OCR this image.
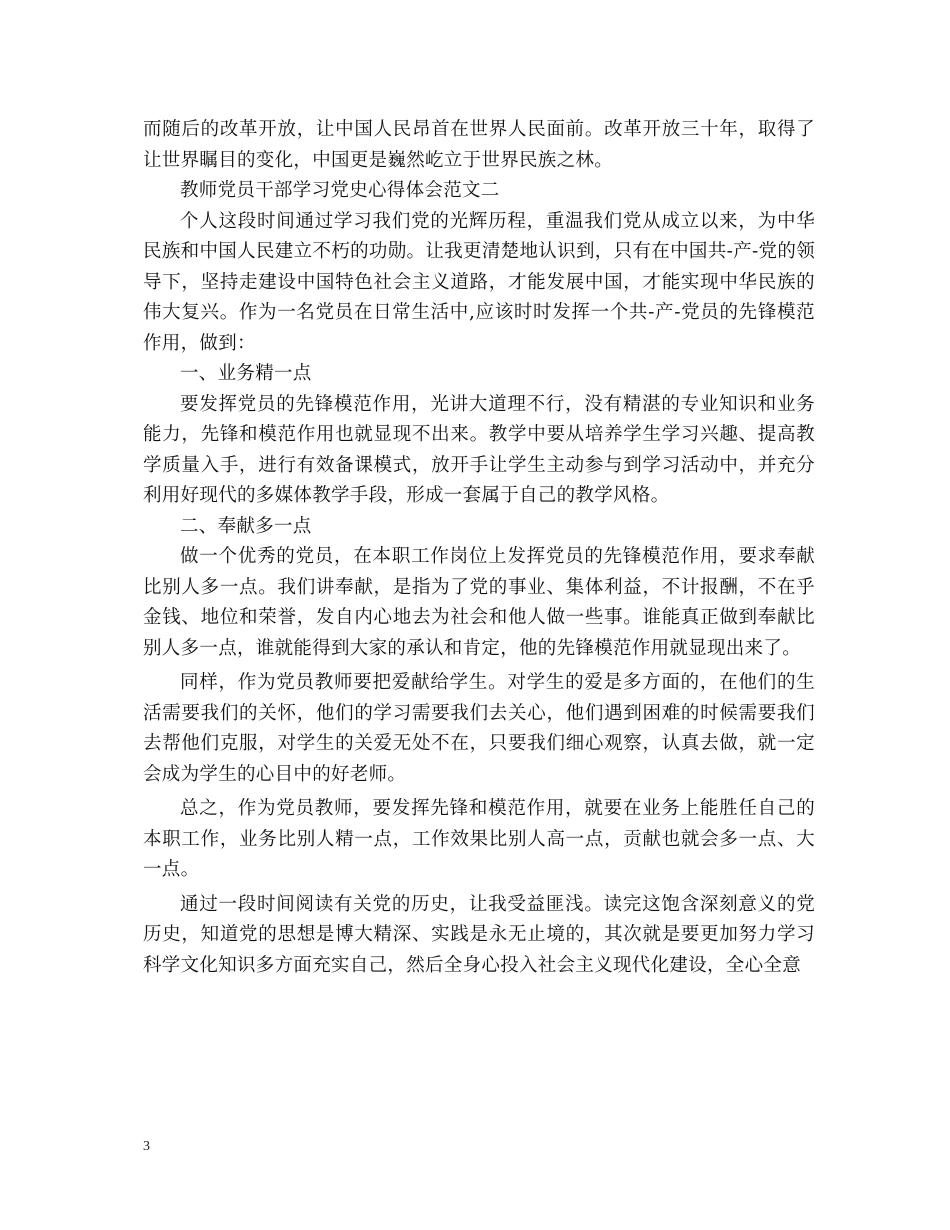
而随后的改革开放，让中国人民昂首在世界人民面前。改革开放三十年，取得了让世界瞩目的变化，中国更是巍然屹立于世界民族之林。

教师党员干部学习党史心得体会范文二

个人这段时间通过学习我们党的光辉历程，重温我们党从成立以来，为中华民族和中国人民建立不朽的功勋。让我更清楚地认识到，只有在中国共-产-党的领导下，坚持走建设中国特色社会主义道路，才能发展中国，才能实现中华民族的伟大复兴。作为一名党员在日常生活中,应该时时发挥一个共-产-党员的先锋模范作用，做到：

一、业务精一点

要发挥党员的先锋模范作用，光讲大道理不行，没有精湛的专业知识和业务能力，先锋和模范作用也就显现不出来。教学中要从培养学生学习兴趣、提高教学质量入手，进行有效备课模式，放开手让学生主动参与到学习活动中，并充分利用好现代的多媒体教学手段，形成一套属于自己的教学风格。

二、奉献多一点

做一个优秀的党员，在本职工作岗位上发挥党员的先锋模范作用，要求奉献比别人多一点。我们讲奉献，是指为了党的事业、集体利益，不计报酬，不在乎金钱、地位和荣誉，发自内心地去为社会和他人做一些事。谁能真正做到奉献比别人多一点，谁就能得到大家的承认和肯定，他的先锋模范作用就显现出来了。

同样，作为党员教师要把爱献给学生。对学生的爱是多方面的，在他们的生活需要我们的关怀，他们的学习需要我们去关心，他们遇到困难的时候需要我们去帮他们克服，对学生的关爱无处不在，只要我们细心观察，认真去做，就一定会成为学生的心目中的好老师。

总之，作为党员教师，要发挥先锋和模范作用，就要在业务上能胜任自己的本职工作，业务比别人精一点，工作效果比别人高一点，贡献也就会多一点、大一点。

通过一段时间阅读有关党的历史，让我受益匪浅。读完这饱含深刻意义的党历史，知道党的思想是博大精深、实践是永无止境的，其次就是要更加努力学习科学文化知识多方面充实自己，然后全身心投入社会主义现代化建设，全心全意

3
